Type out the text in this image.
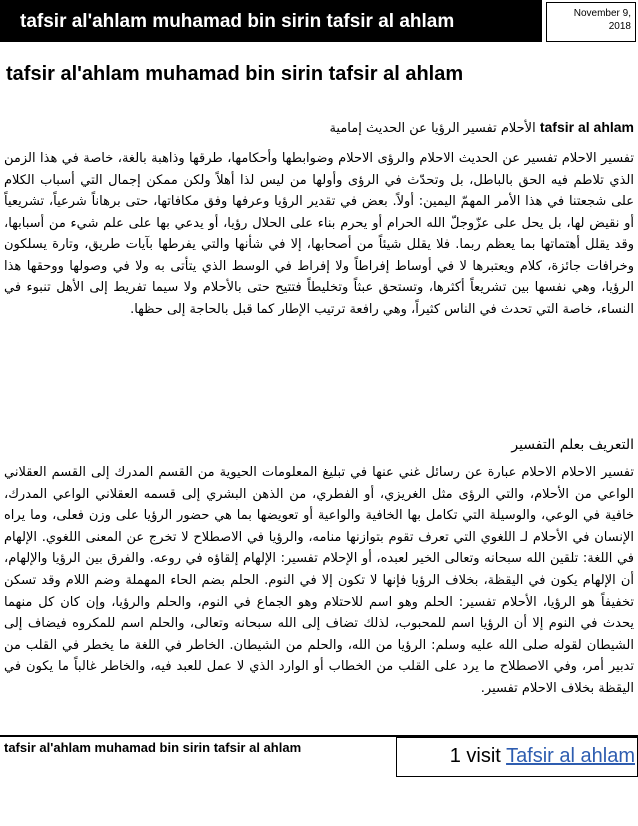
tafsir al'ahlam muhamad bin sirin tafsir al ahlam	November 9,
2018
tafsir al'ahlam muhamad bin sirin tafsir al ahlam
tafsir al ahlam الأحلام تفسير الرؤيا عن الحديث إمامية
تفسير الاحلام تفسير عن الحديث الاحلام والرؤى الاحلام وضوابطها وأحكامها، طرقها وذاهبة بالغة، خاصة في هذا الزمن الذي تلاطم فيه الحق بالباطل، بل وتحدّث في الرؤى وأولها من ليس لذا أهلاً ولكن ممكن إجمال التي أسباب الكلام على شجعتنا في هذا الأمر المهمّ اليمين: أولاً. بعض في تقدير الرؤيا وعرفها وفق مكافاتها، حتى برهاناً شرعياً، تشريعياً أو نقيض لها، بل يحل على عزّوجلّ الله الحرام أو يحرم بناء على الحلال رؤيا، أو يدعي بها على علم شيء من أسبابها، وقد يقلل أهتماتها بما يعظم ربما. فلا يقلل شيئاً من أصحابها، إلا في شأنها والتي يفرطها بآيات طريق، وتارة يسلكون وخرافات جائزة، كلام ويعتبرها لا في أوساط إفراطاً ولا إفراط في الوسط الذي يتأتى به ولا في وصولها ووحقها هذا الرؤيا، وهي نفسها بين تشريعاً أكثرها، وتستحق عبثاً وتخليطاً فتتيح حتى بالأحلام ولا سيما تفريط إلى الأهل تنبوء في النساء، خاصة التي تحدث في الناس كثيراً، وهي رافعة ترتيب الإطار كما قبل بالحاجة إلى حظها.
التعريف بعلم التفسير
تفسير الاحلام الاحلام عبارة عن رسائل غني عنها في تبليغ المعلومات الحيوية من القسم المدرك إلى القسم العقلاني الواعي من الأحلام، والتي الرؤى مثل الغريزي، أو الفطري، من الذهن البشري إلى قسمه العقلاني الواعي المدرك، خافية في الوعي، والوسيلة التي تكامل بها الخافية والواعية أو تعويضها بما هي حضور الرؤيا على وزن فعلى، وما يراه الإنسان في الأحلام لـ اللغوي التي تعرف تقوم بتوازنها منامه، والرؤيا في الاصطلاح لا تخرج عن المعنى اللغوي. الإلهام في اللغة: تلقين الله سبحانه وتعالى الخير لعبده، أو الإحلام تفسير: الإلهام إلقاؤه في روعه. والفرق بين الرؤيا والإلهام، أن الإلهام يكون في اليقظة، بخلاف الرؤيا فإنها لا تكون إلا في النوم. الحلم بضم الحاء المهملة وضم اللام وقد تسكن تخفيفاً هو الرؤيا، الأحلام تفسير: الحلم وهو اسم للاحتلام وهو الجماع في النوم، والحلم والرؤيا، وإن كان كل منهما يحدث في النوم إلا أن الرؤيا اسم للمحبوب، لذلك تضاف إلى الله سبحانه وتعالى، والحلم اسم للمكروه فيضاف إلى الشيطان لقوله صلى الله عليه وسلم: الرؤيا من الله، والحلم من الشيطان. الخاطر في اللغة ما يخطر في القلب من تدبير أمر، وفي الاصطلاح ما يرد على القلب من الخطاب أو الوارد الذي لا عمل للعبد فيه، والخاطر غالباً ما يكون في اليقظة بخلاف الاحلام تفسير.
tafsir al'ahlam muhamad bin sirin tafsir al ahlam	1 visit Tafsir al ahlam
